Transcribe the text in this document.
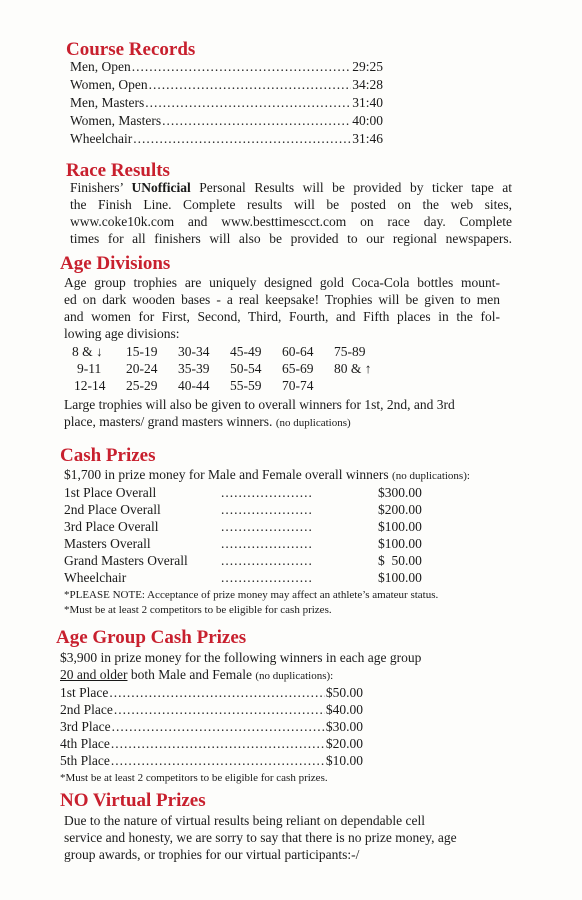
Course Records
Men, Open .....	29:25
Women, Open .....	34:28
Men, Masters .....	31:40
Women, Masters .....	40:00
Wheelchair .....	31:46
Race Results
Finishers’ UNofficial Personal Results will be provided by ticker tape at
the Finish Line. Complete results will be posted on the web sites,
www.coke10k.com and www.besttimescct.com on race day. Complete
times for all finishers will also be provided to our regional newspapers.
Age Divisions
Age group trophies are uniquely designed gold Coca-Cola bottles mount-
ed on dark wooden bases - a real keepsake! Trophies will be given to men
and women for First, Second, Third, Fourth, and Fifth places in the fol-
lowing age divisions:
8 & ↓ 15-19 30-34 45-49 60-64 75-89
9-11 20-24 35-39 50-54 65-69 80 & ↑
12-14 25-29 40-44 55-59 70-74
Large trophies will also be given to overall winners for 1st, 2nd, and 3rd
place, masters/ grand masters winners. (no duplications)
Cash Prizes
$1,700 in prize money for Male and Female overall winners (no duplications):
1st Place Overall .....	$300.00
2nd Place Overall .....	$200.00
3rd Place Overall .....	$100.00
Masters Overall .....	$100.00
Grand Masters Overall .....	$  50.00
Wheelchair .....	$100.00
*PLEASE NOTE: Acceptance of prize money may affect an athlete’s amateur status.
*Must be at least 2 competitors to be eligible for cash prizes.
Age Group Cash Prizes
$3,900 in prize money for the following winners in each age group
20 and older both Male and Female (no duplications):
1st Place .....	$50.00
2nd Place .....	$40.00
3rd Place .....	$30.00
4th Place .....	$20.00
5th Place .....	$10.00
*Must be at least 2 competitors to be eligible for cash prizes.
NO Virtual Prizes
Due to the nature of virtual results being reliant on dependable cell
service and honesty, we are sorry to say that there is no prize money, age
group awards, or trophies for our virtual participants:-/
